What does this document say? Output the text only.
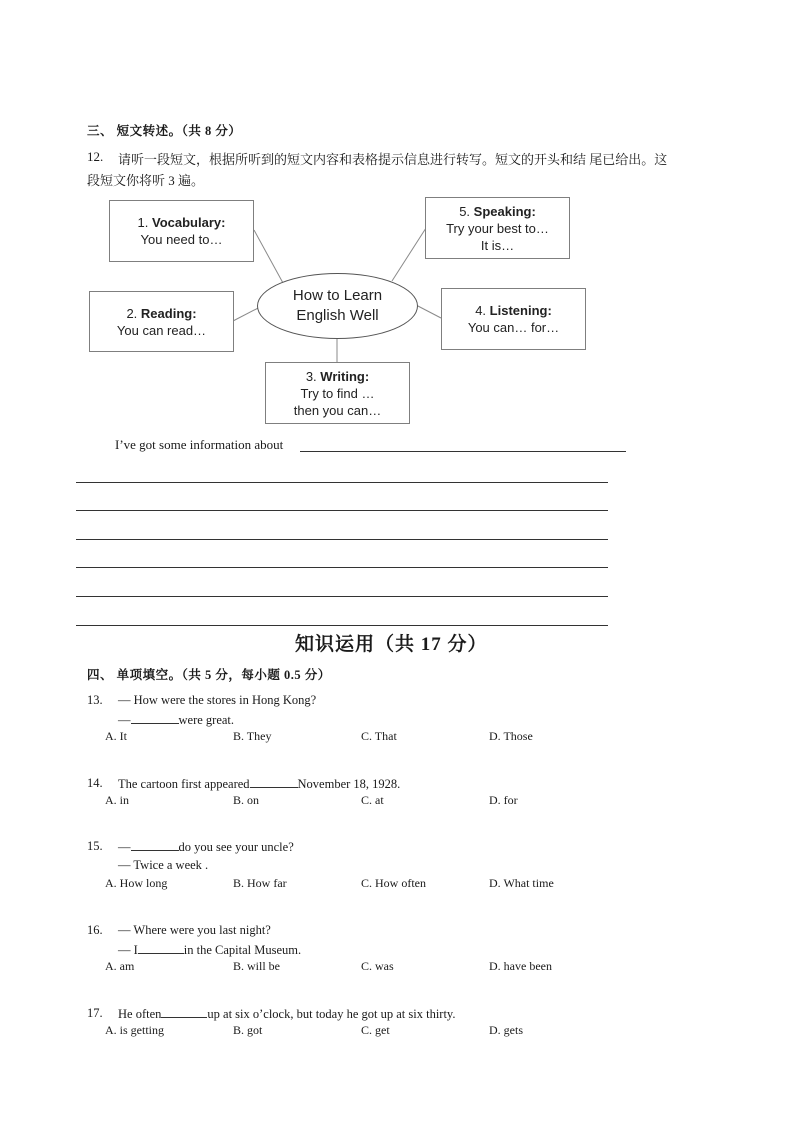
三、 短文转述。（共 8 分）
12. 请听一段短文，根据所听到的短文内容和表格提示信息进行转写。短文的开头和结 尾已给出。这
段短文你将听 3 遍。
1. Vocabulary:
You need to…
2. Reading:
You can read…
3. Writing:
Try to find …
then you can…
4. Listening:
You can… for…
5. Speaking:
Try your best to…
It is…
How to Learn
English Well
I’ve got some information about
知识运用（共 17 分）
四、 单项填空。（共 5 分，每小题 0.5 分）
13. — How were the stores in Hong Kong?
—	were great.
A. It	B. They	C. That	D. Those
14. The cartoon first appeared	November 18, 1928.
A. in	B. on	C. at	D. for
15. —	do you see your uncle?
— Twice a week .
A. How long	B. How far	C. How often	D. What time
16. — Where were you last night?
— I	in the Capital Museum.
A. am	B. will be	C. was	D. have been
17. He often	up at six o’clock, but today he got up at six thirty.
A. is getting	B. got	C. get	D. gets
